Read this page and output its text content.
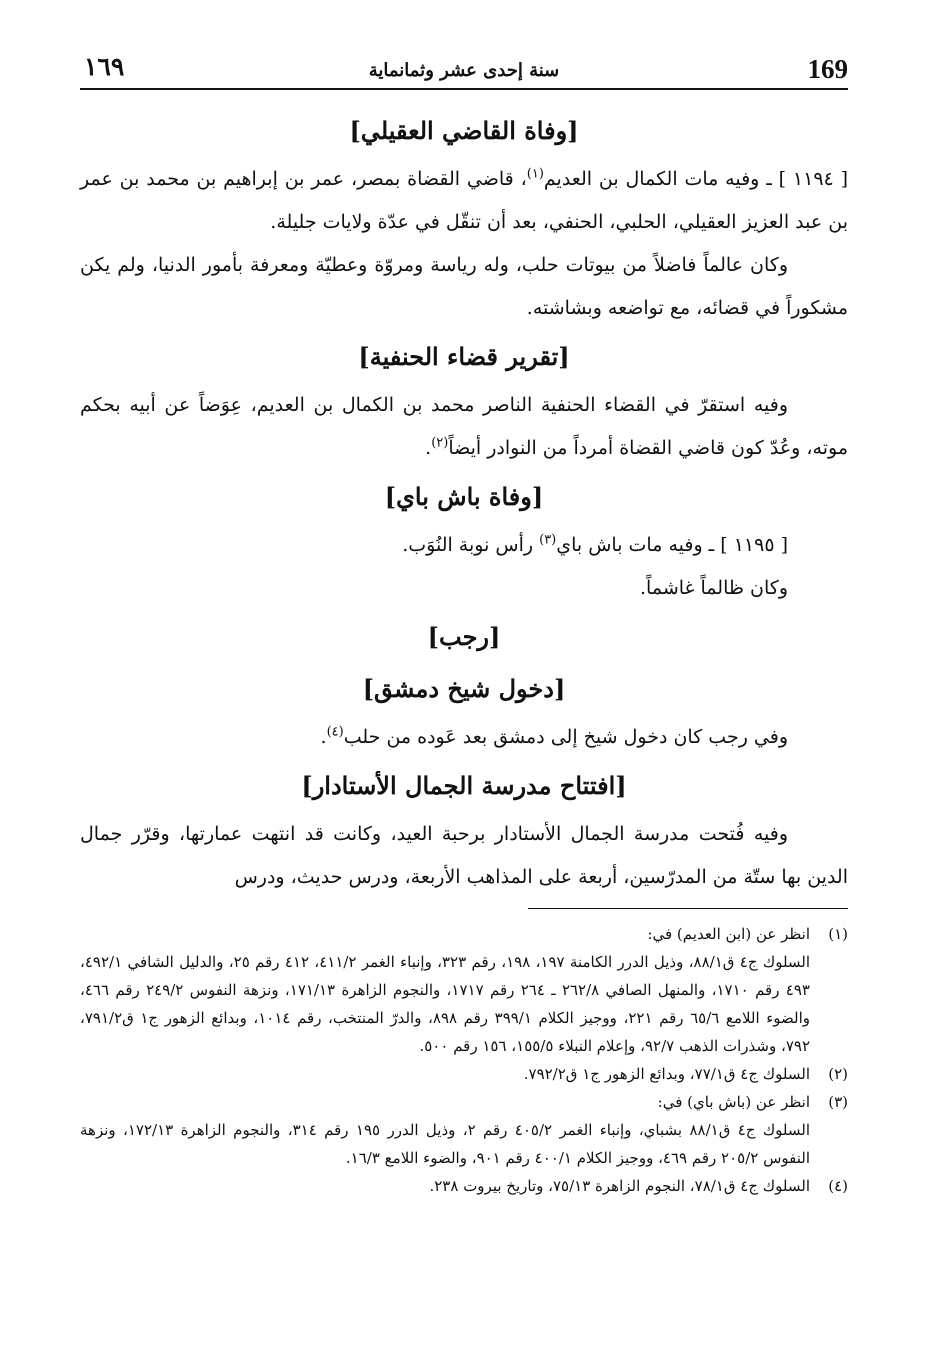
169
سنة إحدى عشر وثمانماية
١٦٩
[وفاة القاضي العقيلي]

[ ١١٩٤ ] ـ وفيه مات الكمال بن العديم$^{(١)}$، قاضي القضاة بمصر، عمر بن إبراهيم بن محمد بن عمر بن عبد العزيز العقيلي، الحلبي، الحنفي، بعد أن تنقّل في عدّة ولايات جليلة.

وكان عالماً فاضلاً من بيوتات حلب، وله رياسة ومروّة وعطيّة ومعرفة بأمور الدنيا، ولم يكن مشكوراً في قضائه، مع تواضعه وبشاشته.

[تقرير قضاء الحنفية]

وفيه استقرّ في القضاء الحنفية الناصر محمد بن الكمال بن العديم، عِوَضاً عن أبيه بحكم موته، وعُدّ كون قاضي القضاة أمرداً من النوادر أيضاً$^{(٢)}$.

[وفاة باش باي]

[ ١١٩٥ ] ـ وفيه مات باش باي$^{(٣)}$ رأس نوبة النُوَب.

وكان ظالماً غاشماً.

[رجب]
[دخول شيخ دمشق]

وفي رجب كان دخول شيخ إلى دمشق بعد عَوده من حلب$^{(٤)}$.

[افتتاح مدرسة الجمال الأستادار]

وفيه فُتحت مدرسة الجمال الأستادار برحبة العيد، وكانت قد انتهت عمارتها، وقرّر جمال الدين بها ستّة من المدرّسين، أربعة على المذاهب الأربعة، ودرس حديث، ودرس

(١)
انظر عن (ابن العديم) في:
السلوك ج٤ ق٨٨/١، وذيل الدرر الكامنة ١٩٧، ١٩٨، رقم ٣٢٣، وإنباء الغمر ٤١١/٢، ٤١٢ رقم ٢٥، والدليل الشافي ٤٩٢/١، ٤٩٣ رقم ١٧١٠، والمنهل الصافي ٢٦٢/٨ ـ ٢٦٤ رقم ١٧١٧، والنجوم الزاهرة ١٧١/١٣، ونزهة النفوس ٢٤٩/٢ رقم ٤٦٦، والضوء اللامع ٦٥/٦ رقم ٢٢١، ووجيز الكلام ٣٩٩/١ رقم ٨٩٨، والدرّ المنتخب، رقم ١٠١٤، وبدائع الزهور ج١ ق٧٩١/٢، ٧٩٢، وشذرات الذهب ٩٢/٧، وإعلام النبلاء ١٥٥/٥، ١٥٦ رقم ٥٠٠.
(٢)
السلوك ج٤ ق٧٧/١، وبدائع الزهور ج١ ق٧٩٢/٢.
(٣)
انظر عن (باش باي) في:
السلوك ج٤ ق٨٨/١ بشباي، وإنباء الغمر ٤٠٥/٢ رقم ٢، وذيل الدرر ١٩٥ رقم ٣١٤، والنجوم الزاهرة ١٧٢/١٣، ونزهة النفوس ٢٠٥/٢ رقم ٤٦٩، ووجيز الكلام ٤٠٠/١ رقم ٩٠١، والضوء اللامع ١٦/٣.
(٤)
السلوك ج٤ ق٧٨/١، النجوم الزاهرة ٧٥/١٣، وتاريخ بيروت ٢٣٨.
